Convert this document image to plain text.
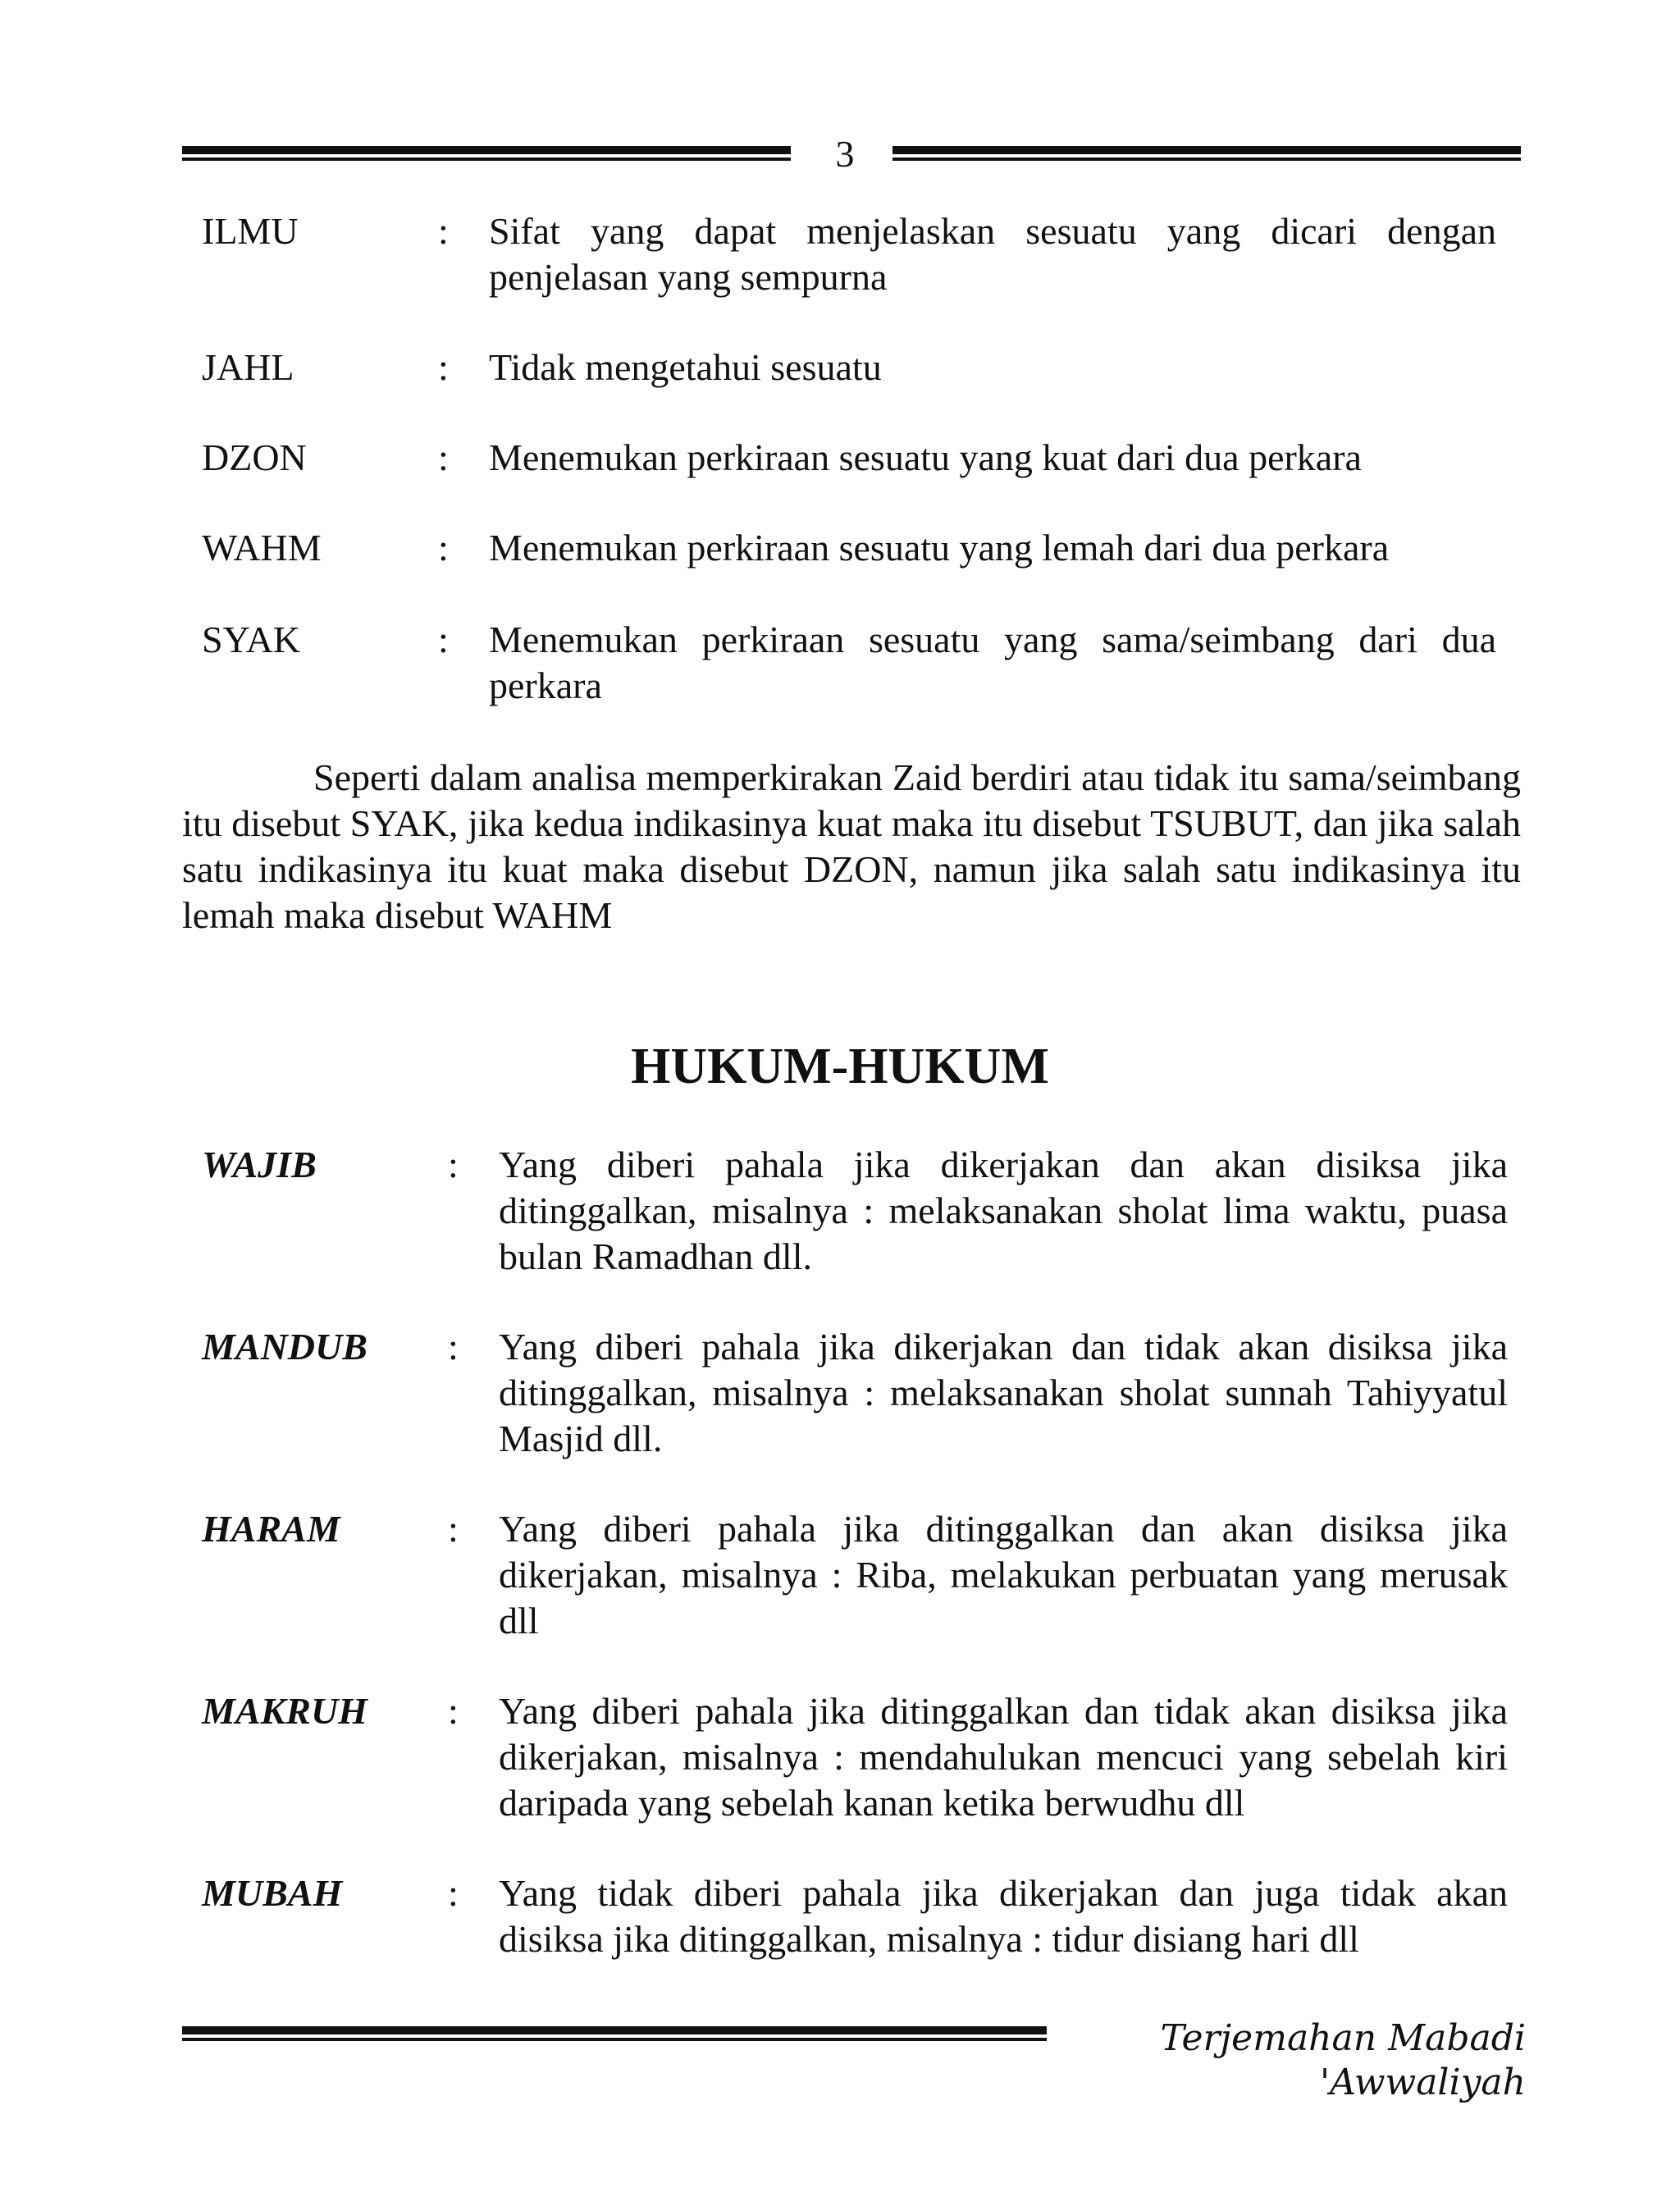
3
ILMU	: Sifat yang dapat menjelaskan sesuatu yang dicari dengan penjelasan yang sempurna
JAHL	: Tidak mengetahui sesuatu
DZON	: Menemukan perkiraan sesuatu yang kuat dari dua perkara
WAHM	: Menemukan perkiraan sesuatu yang lemah dari dua perkara
SYAK	: Menemukan perkiraan sesuatu yang sama/seimbang dari dua perkara
Seperti dalam analisa memperkirakan Zaid berdiri atau tidak itu sama/seimbang itu disebut SYAK, jika kedua indikasinya kuat maka itu disebut TSUBUT, dan jika salah satu indikasinya itu kuat maka disebut DZON, namun jika salah satu indikasinya itu lemah maka disebut WAHM
HUKUM-HUKUM
WAJIB	: Yang diberi pahala jika dikerjakan dan akan disiksa jika ditinggalkan, misalnya : melaksanakan sholat lima waktu, puasa bulan Ramadhan dll.
MANDUB : Yang diberi pahala jika dikerjakan dan tidak akan disiksa jika ditinggalkan, misalnya : melaksanakan sholat sunnah Tahiyyatul Masjid dll.
HARAM	: Yang diberi pahala jika ditinggalkan dan akan disiksa jika dikerjakan, misalnya : Riba, melakukan perbuatan yang merusak dll
MAKRUH : Yang diberi pahala jika ditinggalkan dan tidak akan disiksa jika dikerjakan, misalnya : mendahulukan mencuci yang sebelah kiri daripada yang sebelah kanan ketika berwudhu dll
MUBAH	: Yang tidak diberi pahala jika dikerjakan dan juga tidak akan disiksa jika ditinggalkan, misalnya : tidur disiang hari dll
Terjemahan Mabadi 'Awwaliyah
